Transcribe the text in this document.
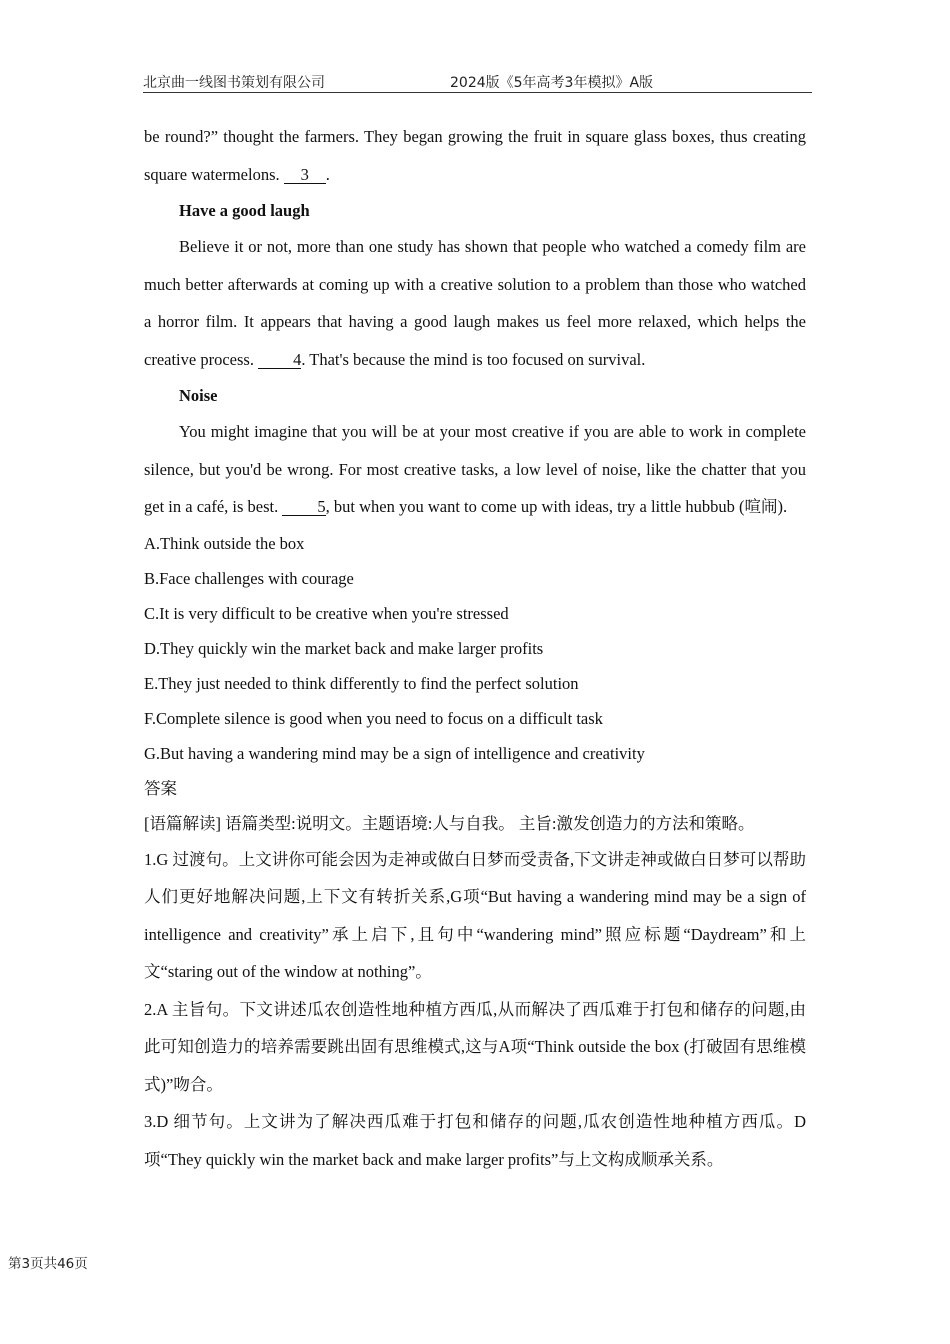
北京曲一线图书策划有限公司	2024版《5年高考3年模拟》A版

be round?” thought the farmers. They began growing the fruit in square glass boxes, thus creating square watermelons. 3 .

Have a good laugh

Believe it or not, more than one study has shown that people who watched a comedy film are much better afterwards at coming up with a creative solution to a problem than those who watched a horror film. It appears that having a good laugh makes us feel more relaxed, which helps the creative process. 4. That's because the mind is too focused on survival.

Noise

You might imagine that you will be at your most creative if you are able to work in complete silence, but you'd be wrong. For most creative tasks, a low level of noise, like the chatter that you get in a café, is best. 5, but when you want to come up with ideas, try a little hubbub (喧闹).

A.Think outside the box

B.Face challenges with courage

C.It is very difficult to be creative when you're stressed

D.They quickly win the market back and make larger profits

E.They just needed to think differently to find the perfect solution

F.Complete silence is good when you need to focus on a difficult task

G.But having a wandering mind may be a sign of intelligence and creativity

答案

[语篇解读] 语篇类型:说明文。主题语境:人与自我。 主旨:激发创造力的方法和策略。

1.G 过渡句。上文讲你可能会因为走神或做白日梦而受责备,下文讲走神或做白日梦可以帮助人们更好地解决问题,上下文有转折关系,G项“But having a wandering mind may be a sign of intelligence and creativity”承上启下,且句中“wandering mind”照应标题“Daydream”和上文“staring out of the window at nothing”。

2.A 主旨句。下文讲述瓜农创造性地种植方西瓜,从而解决了西瓜难于打包和储存的问题,由此可知创造力的培养需要跳出固有思维模式,这与A项“Think outside the box (打破固有思维模式)”吻合。

3.D 细节句。上文讲为了解决西瓜难于打包和储存的问题,瓜农创造性地种植方西瓜。D项“They quickly win the market back and make larger profits”与上文构成顺承关系。

第3页共46页
